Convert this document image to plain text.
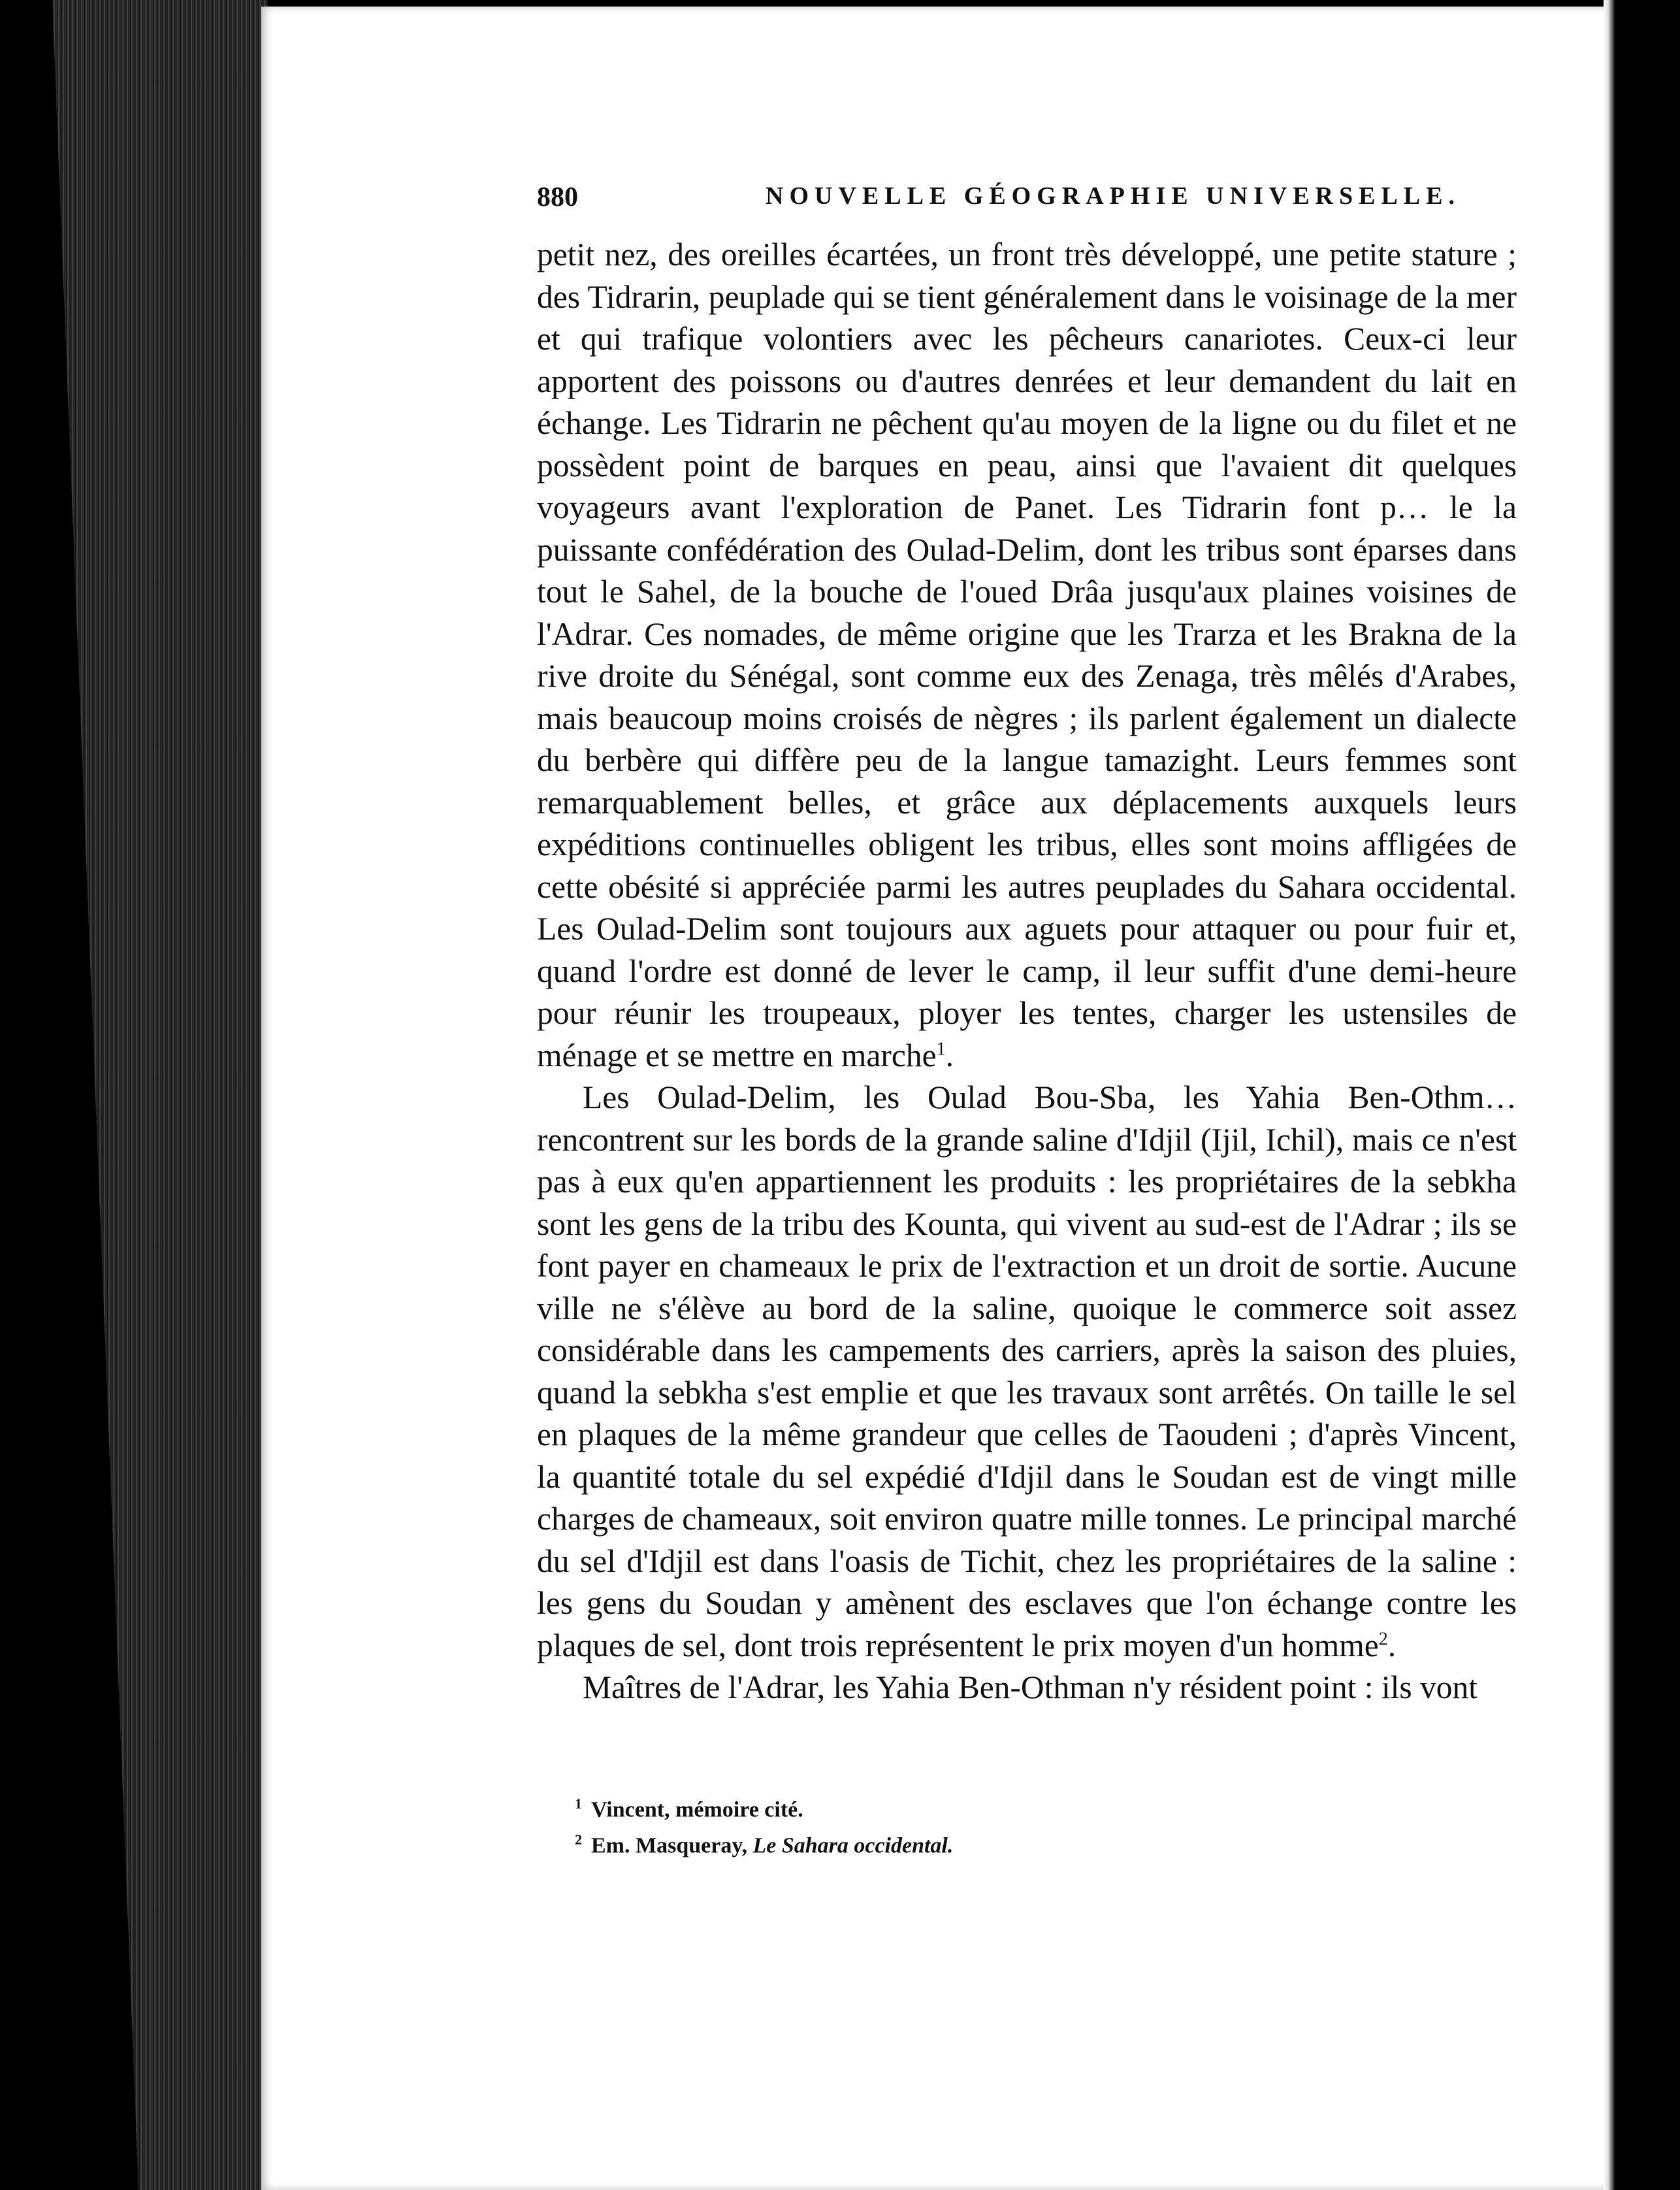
880	NOUVELLE GÉOGRAPHIE UNIVERSELLE.

petit nez, des oreilles écartées, un front très développé, une petite stature ; des Tidrarin, peuplade qui se tient généralement dans le voisinage de la mer et qui trafique volontiers avec les pêcheurs canariotes. Ceux-ci leur apportent des poissons ou d'autres denrées et leur demandent du lait en échange. Les Tidrarin ne pêchent qu'au moyen de la ligne ou du filet et ne possèdent point de barques en peau, ainsi que l'avaient dit quelques voyageurs avant l'exploration de Panet. Les Tidrarin font p… le la puissante confédération des Oulad-Delim, dont les tribus sont éparses dans tout le Sahel, de la bouche de l'oued Drâa jusqu'aux plaines voisines de l'Adrar. Ces nomades, de même origine que les Trarza et les Brakna de la rive droite du Sénégal, sont comme eux des Zenaga, très mêlés d'Arabes, mais beaucoup moins croisés de nègres ; ils parlent également un dialecte du berbère qui diffère peu de la langue tamazight. Leurs femmes sont remarquablement belles, et grâce aux déplacements auxquels leurs expéditions continuelles obligent les tribus, elles sont moins affligées de cette obésité si appréciée parmi les autres peuplades du Sahara occidental. Les Oulad-Delim sont toujours aux aguets pour attaquer ou pour fuir et, quand l'ordre est donné de lever le camp, il leur suffit d'une demi-heure pour réunir les troupeaux, ployer les tentes, charger les ustensiles de ménage et se mettre en marche$^1$.

Les Oulad-Delim, les Oulad Bou-Sba, les Yahia Ben-Othm… rencontrent sur les bords de la grande saline d'Idjil (Ijil, Ichil), mais ce n'est pas à eux qu'en appartiennent les produits : les propriétaires de la sebkha sont les gens de la tribu des Kounta, qui vivent au sud-est de l'Adrar ; ils se font payer en chameaux le prix de l'extraction et un droit de sortie. Aucune ville ne s'élève au bord de la saline, quoique le commerce soit assez considérable dans les campements des carriers, après la saison des pluies, quand la sebkha s'est emplie et que les travaux sont arrêtés. On taille le sel en plaques de la même grandeur que celles de Taoudeni ; d'après Vincent, la quantité totale du sel expédié d'Idjil dans le Soudan est de vingt mille charges de chameaux, soit environ quatre mille tonnes. Le principal marché du sel d'Idjil est dans l'oasis de Tichit, chez les propriétaires de la saline : les gens du Soudan y amènent des esclaves que l'on échange contre les plaques de sel, dont trois représentent le prix moyen d'un homme$^2$.

Maîtres de l'Adrar, les Yahia Ben-Othman n'y résident point : ils vont

$^1$ Vincent, mémoire cité.
$^2$ Em. Masqueray, Le Sahara occidental.
